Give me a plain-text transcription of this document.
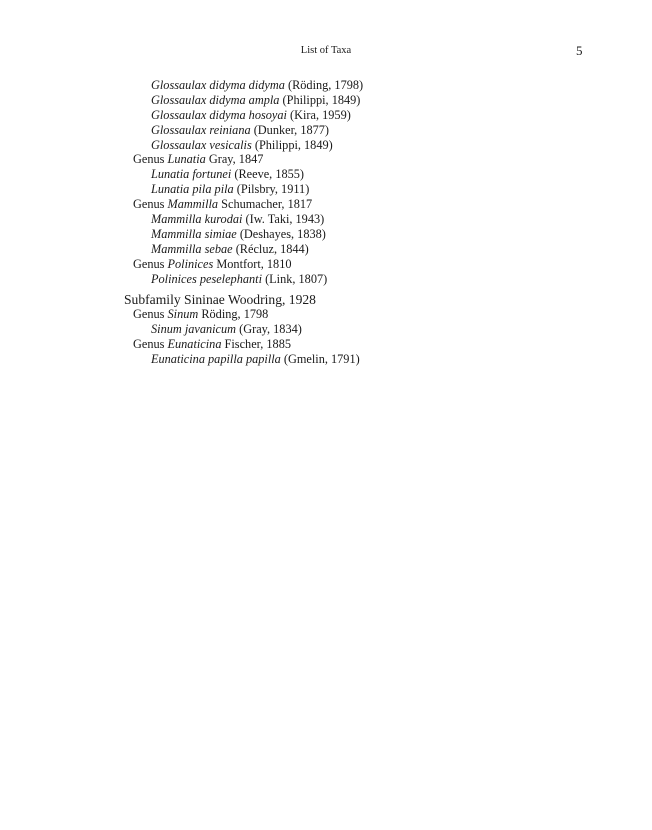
List of Taxa	5
Glossaulax didyma didyma (Röding, 1798)
Glossaulax didyma ampla (Philippi, 1849)
Glossaulax didyma hosoyai (Kira, 1959)
Glossaulax reiniana (Dunker, 1877)
Glossaulax vesicalis (Philippi, 1849)
Genus Lunatia Gray, 1847
Lunatia fortunei (Reeve, 1855)
Lunatia pila pila (Pilsbry, 1911)
Genus Mammilla Schumacher, 1817
Mammilla kurodai (Iw. Taki, 1943)
Mammilla simiae (Deshayes, 1838)
Mammilla sebae (Récluz, 1844)
Genus Polinices Montfort, 1810
Polinices peselephanti (Link, 1807)
Subfamily Sininae Woodring, 1928
Genus Sinum Röding, 1798
Sinum javanicum (Gray, 1834)
Genus Eunaticina Fischer, 1885
Eunaticina papilla papilla (Gmelin, 1791)
